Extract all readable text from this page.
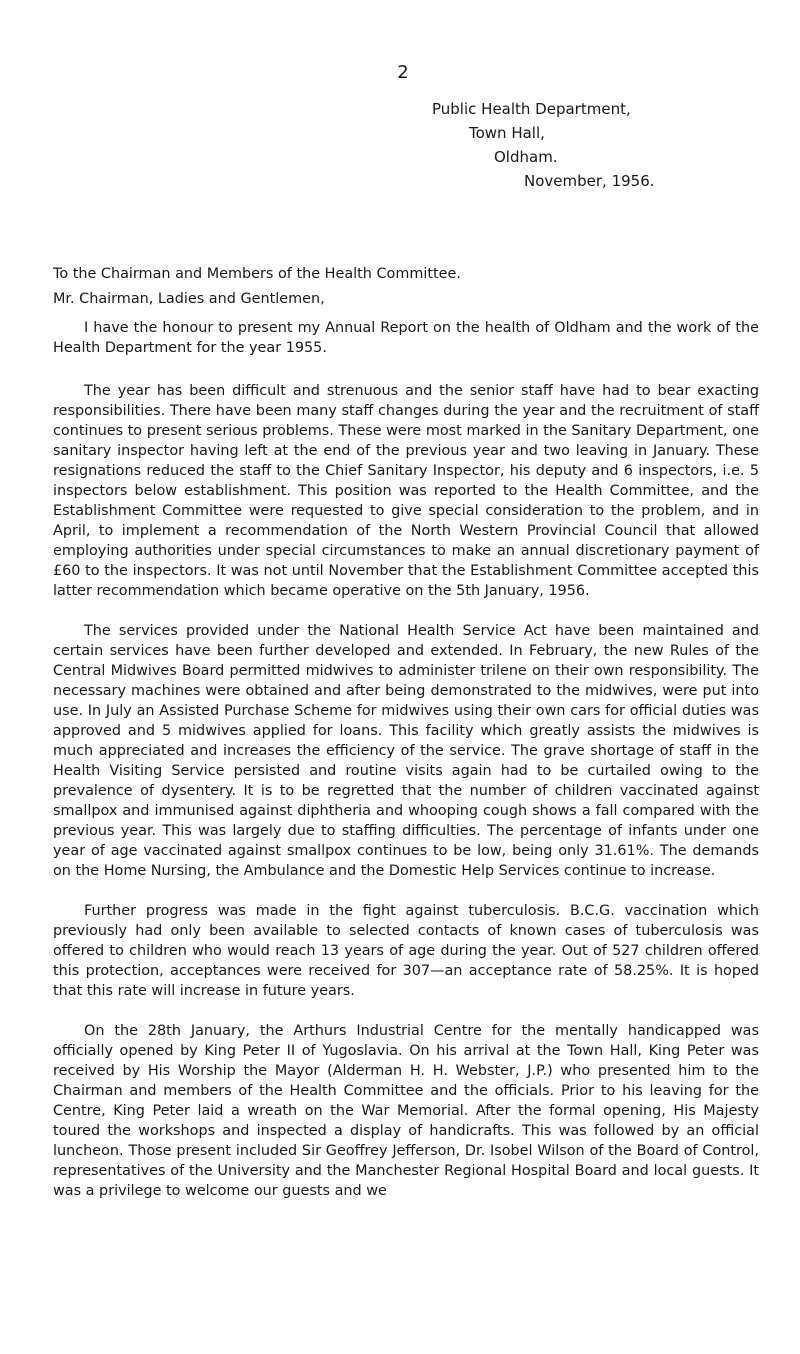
2
Public Health Department,
Town Hall,
Oldham.
November, 1956.

To the Chairman and Members of the Health Committee.

Mr. Chairman, Ladies and Gentlemen,

I have the honour to present my Annual Report on the health of Oldham and the work of the Health Department for the year 1955.

The year has been difficult and strenuous and the senior staff have had to bear exacting responsibilities. There have been many staff changes during the year and the recruitment of staff continues to present serious problems. These were most marked in the Sanitary Department, one sanitary inspector having left at the end of the previous year and two leaving in January. These resignations reduced the staff to the Chief Sanitary Inspector, his deputy and 6 inspectors, i.e. 5 inspectors below establishment. This position was reported to the Health Committee, and the Establishment Committee were requested to give special consideration to the problem, and in April, to implement a recommendation of the North Western Provincial Council that allowed employing authorities under special circumstances to make an annual discretionary payment of £60 to the inspectors. It was not until November that the Establishment Committee accepted this latter recommendation which became operative on the 5th January, 1956.

The services provided under the National Health Service Act have been maintained and certain services have been further developed and extended. In February, the new Rules of the Central Midwives Board permitted midwives to administer trilene on their own responsibility. The necessary machines were obtained and after being demonstrated to the midwives, were put into use. In July an Assisted Purchase Scheme for midwives using their own cars for official duties was approved and 5 midwives applied for loans. This facility which greatly assists the midwives is much appreciated and increases the efficiency of the service. The grave shortage of staff in the Health Visiting Service persisted and routine visits again had to be curtailed owing to the prevalence of dysentery. It is to be regretted that the number of children vaccinated against smallpox and immunised against diphtheria and whooping cough shows a fall compared with the previous year. This was largely due to staffing difficulties. The percentage of infants under one year of age vaccinated against smallpox continues to be low, being only 31.61%. The demands on the Home Nursing, the Ambulance and the Domestic Help Services continue to increase.

Further progress was made in the fight against tuberculosis. B.C.G. vaccination which previously had only been available to selected contacts of known cases of tuberculosis was offered to children who would reach 13 years of age during the year. Out of 527 children offered this protection, acceptances were received for 307—an acceptance rate of 58.25%. It is hoped that this rate will increase in future years.

On the 28th January, the Arthurs Industrial Centre for the mentally handicapped was officially opened by King Peter II of Yugoslavia. On his arrival at the Town Hall, King Peter was received by His Worship the Mayor (Alderman H. H. Webster, J.P.) who presented him to the Chairman and members of the Health Committee and the officials. Prior to his leaving for the Centre, King Peter laid a wreath on the War Memorial. After the formal opening, His Majesty toured the workshops and inspected a display of handicrafts. This was followed by an official luncheon. Those present included Sir Geoffrey Jefferson, Dr. Isobel Wilson of the Board of Control, representatives of the University and the Manchester Regional Hospital Board and local guests. It was a privilege to welcome our guests and we
